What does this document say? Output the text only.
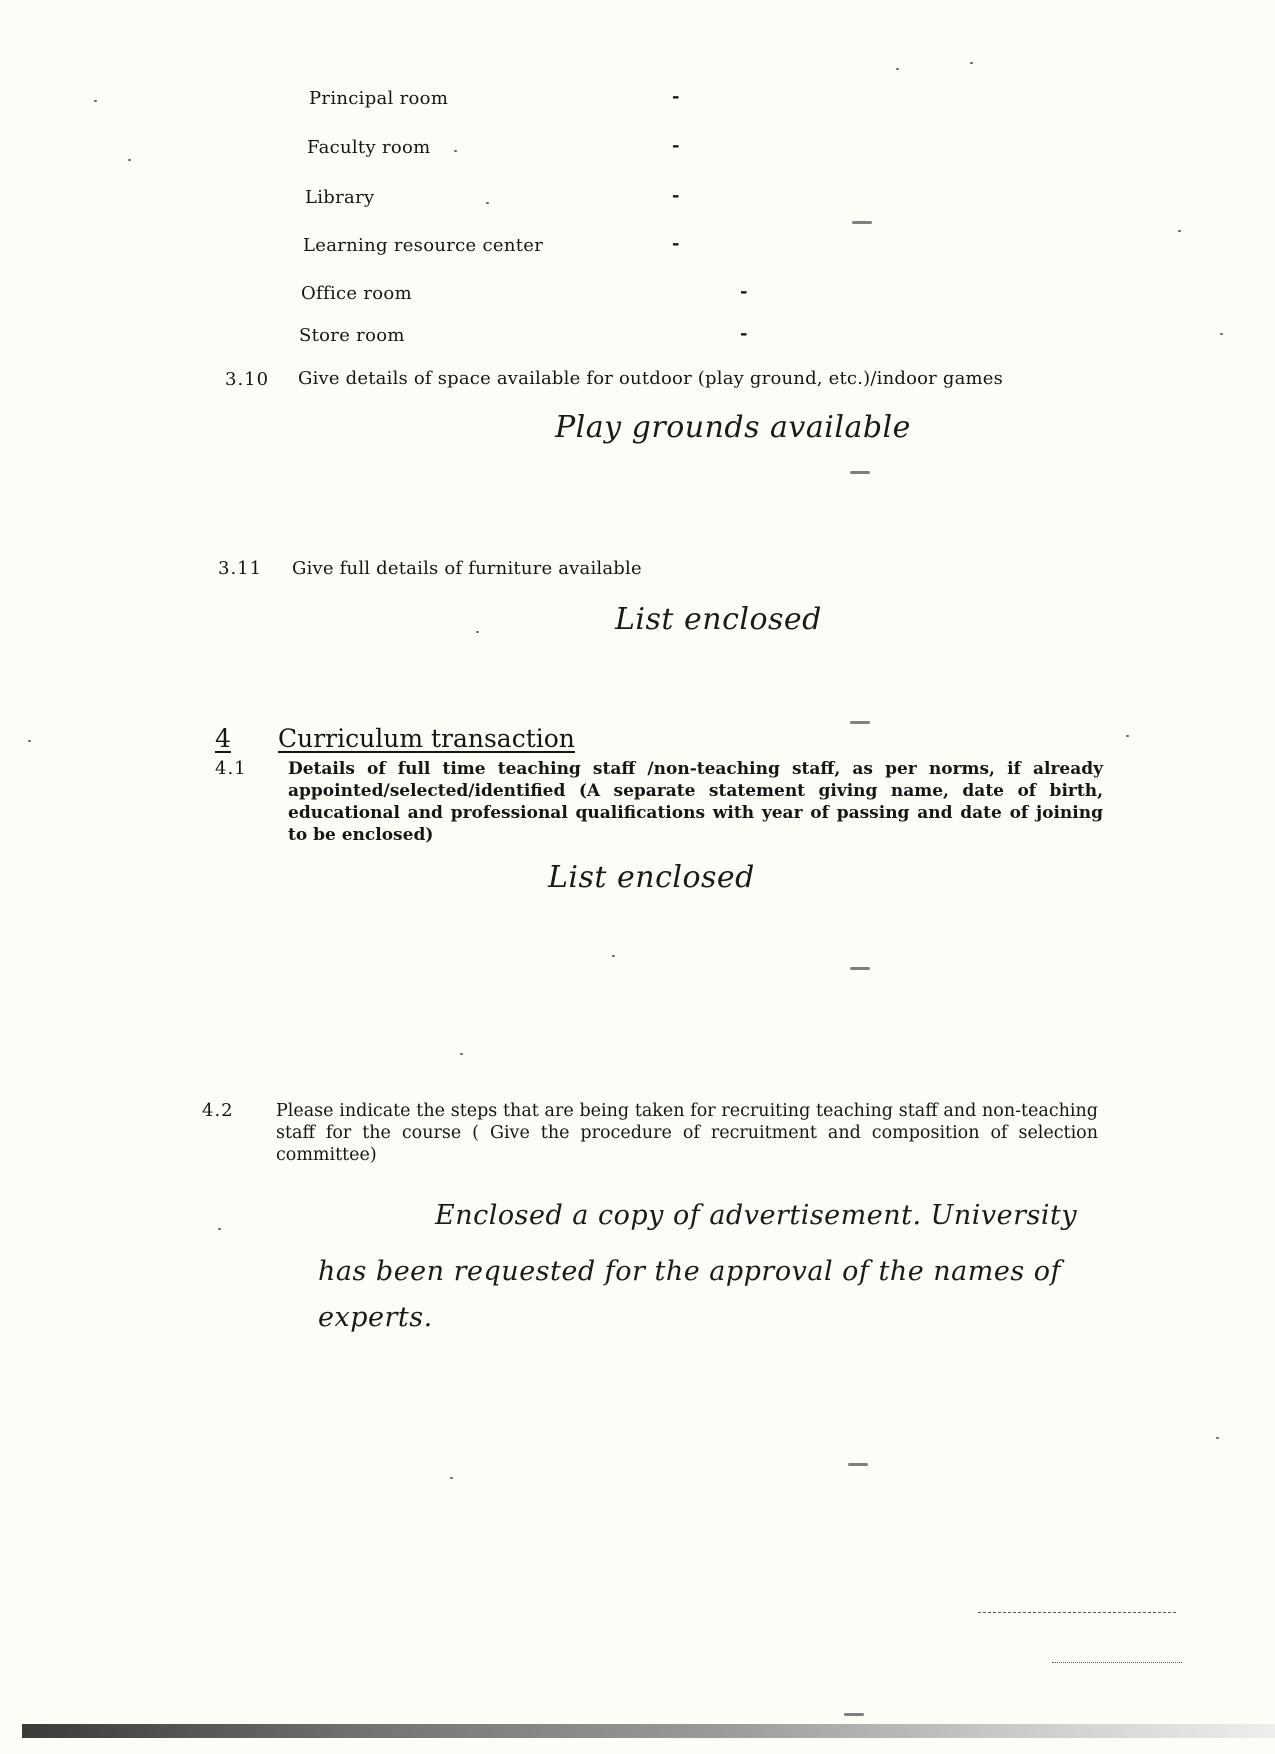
Principal room	-
Faculty room	-
Library	-
Learning resource center	-
Office room	-
Store room	-
3.10 Give details of space available for outdoor (play ground, etc.)/indoor games
Play grounds available
3.11 Give full details of furniture available
List enclosed
4 Curriculum transaction
4.1 Details of full time teaching staff /non-teaching staff, as per norms, if already appointed/selected/identified (A separate statement giving name, date of birth, educational and professional qualifications with year of passing and date of joining to be enclosed)
List enclosed
4.2 Please indicate the steps that are being taken for recruiting teaching staff and non-teaching staff for the course ( Give the procedure of recruitment and composition of selection committee)
Enclosed a copy of advertisement. University
has been requested for the approval of the names of
experts.
